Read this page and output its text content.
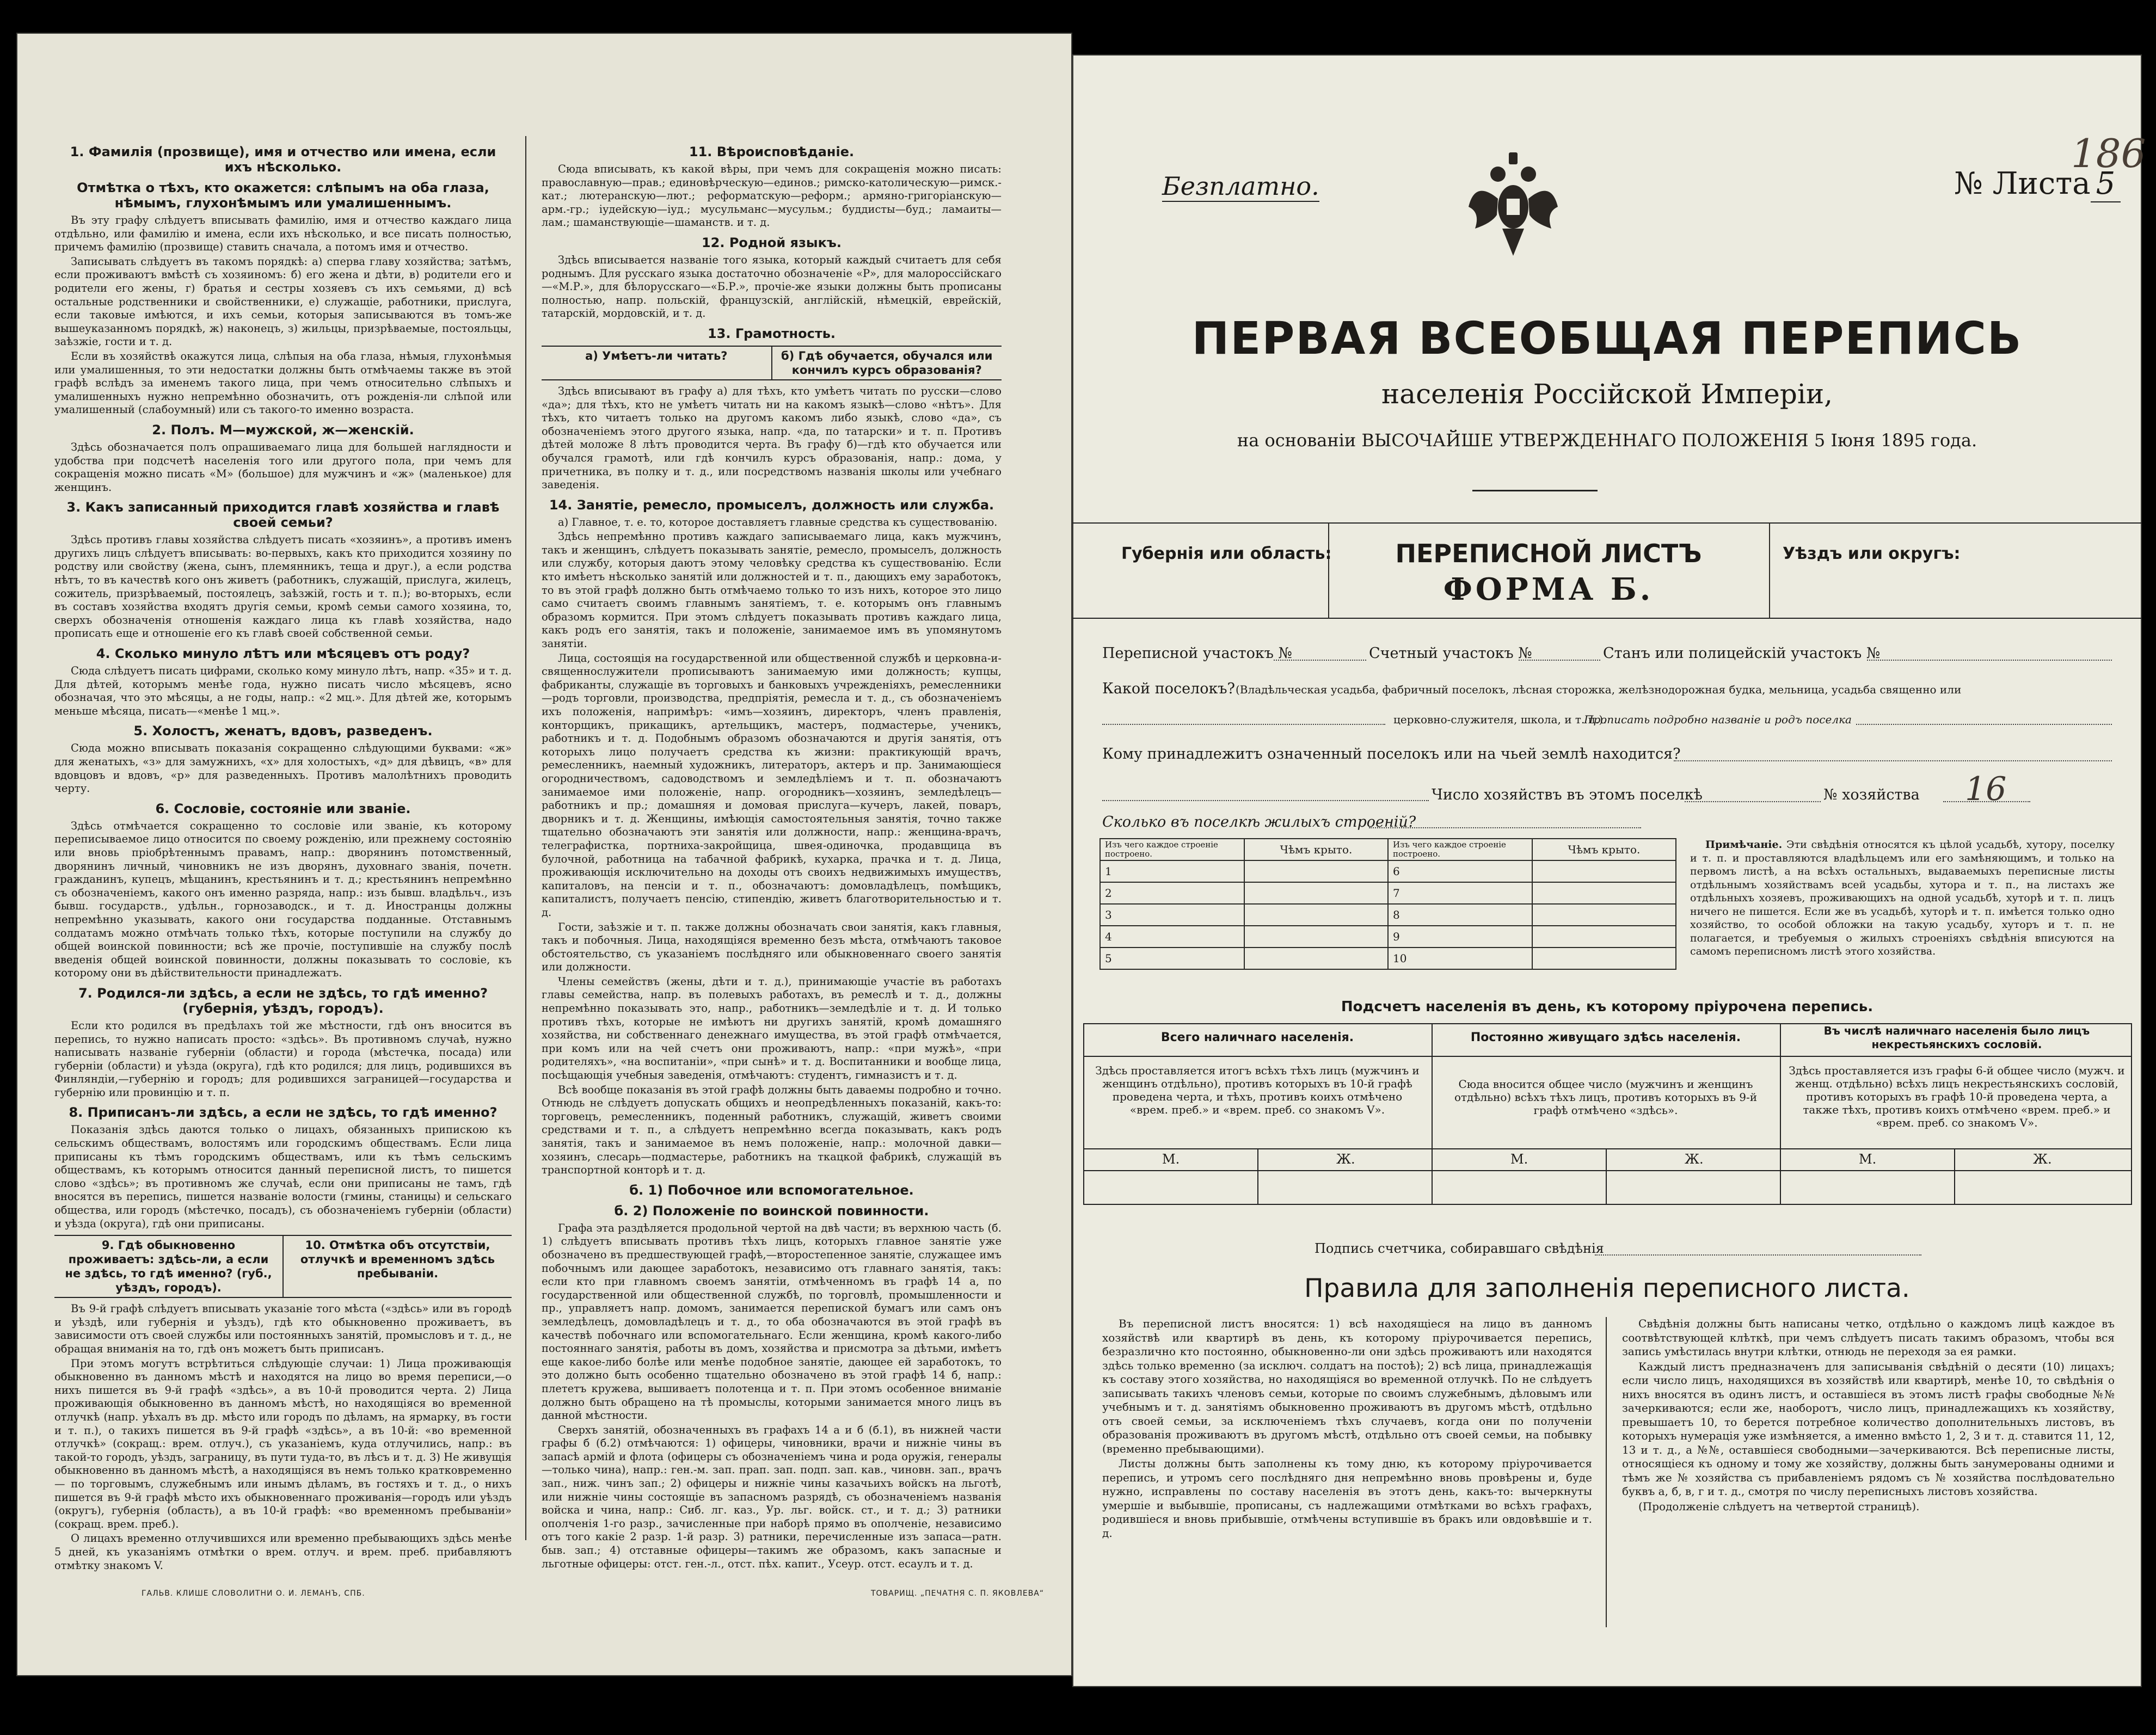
1. Фамилія (прозвище), имя и отчество или имена, если ихъ нѣсколько.
Отмѣтка о тѣхъ, кто окажется: слѣпымъ на оба глаза, нѣмымъ, глухонѣмымъ или умалишеннымъ.

Въ эту графу слѣдуетъ вписывать фамилію, имя и отчество каждаго лица отдѣльно, или фамилію и имена, если ихъ нѣсколько, и все писать полностью, причемъ фамилію (прозвище) ставить сначала, а потомъ имя и отчество.

Записывать слѣдуетъ въ такомъ порядкѣ: а) сперва главу хозяйства; затѣмъ, если проживаютъ вмѣстѣ съ хозяиномъ: б) его жена и дѣти, в) родители его и родители его жены, г) братья и сестры хозяевъ съ ихъ семьями, д) всѣ остальные родственники и свойственники, е) служащіе, работники, прислуга, если таковые имѣются, и ихъ семьи, которыя записываются въ томъ-же вышеуказанномъ порядкѣ, ж) наконецъ, з) жильцы, призрѣваемые, постояльцы, заѣзжіе, гости и т. д.

Если въ хозяйствѣ окажутся лица, слѣпыя на оба глаза, нѣмыя, глухонѣмыя или умалишенныя, то эти недостатки должны быть отмѣчаемы также въ этой графѣ вслѣдъ за именемъ такого лица, при чемъ относительно слѣпыхъ и умалишенныхъ нужно непремѣнно обозначить, отъ рожденія-ли слѣпой или умалишенный (слабоумный) или съ такого-то именно возраста.

2. Полъ. М—мужской, ж—женскій.

Здѣсь обозначается полъ опрашиваемаго лица для большей наглядности и удобства при подсчетѣ населенія того или другого пола, при чемъ для сокращенія можно писать «М» (большое) для мужчинъ и «ж» (маленькое) для женщинъ.

3. Какъ записанный приходится главѣ хозяйства и главѣ своей семьи?

Здѣсь противъ главы хозяйства слѣдуетъ писать «хозяинъ», а противъ именъ другихъ лицъ слѣдуетъ вписывать: во-первыхъ, какъ кто приходится хозяину по родству или свойству (жена, сынъ, племянникъ, теща и друг.), а если родства нѣтъ, то въ качествѣ кого онъ живетъ (работникъ, служащій, прислуга, жилецъ, сожитель, призрѣваемый, постоялецъ, заѣзжій, гость и т. п.); во-вторыхъ, если въ составъ хозяйства входятъ другія семьи, кромѣ семьи самого хозяина, то, сверхъ обозначенія отношенія каждаго лица къ главѣ хозяйства, надо прописать еще и отношеніе его къ главѣ своей собственной семьи.

4. Сколько минуло лѣтъ или мѣсяцевъ отъ роду?

Сюда слѣдуетъ писать цифрами, сколько кому минуло лѣтъ, напр. «35» и т. д. Для дѣтей, которымъ менѣе года, нужно писать число мѣсяцевъ, ясно обозначая, что это мѣсяцы, а не годы, напр.: «2 мц.». Для дѣтей же, которымъ меньше мѣсяца, писать—«менѣе 1 мц.».

5. Холостъ, женатъ, вдовъ, разведенъ.

Сюда можно вписывать показанія сокращенно слѣдующими буквами: «ж» для женатыхъ, «з» для замужнихъ, «х» для холостыхъ, «д» для дѣвицъ, «в» для вдовцовъ и вдовъ, «р» для разведенныхъ. Противъ малолѣтнихъ проводить черту.

6. Сословіе, состояніе или званіе.

Здѣсь отмѣчается сокращенно то сословіе или званіе, къ которому переписываемое лицо относится по своему рожденію, или прежнему состоянію или вновь пріобрѣтеннымъ правамъ, напр.: дворянинъ потомственный, дворянинъ личный, чиновникъ не изъ дворянъ, духовнаго званія, почетн. гражданинъ, купецъ, мѣщанинъ, крестьянинъ и т. д.; крестьянинъ непремѣнно съ обозначеніемъ, какого онъ именно разряда, напр.: изъ бывш. владѣльч., изъ бывш. государств., удѣльн., горнозаводск., и т. д. Иностранцы должны непремѣнно указывать, какого они государства подданные. Отставнымъ солдатамъ можно отмѣчать только тѣхъ, которые поступили на службу до общей воинской повинности; всѣ же прочіе, поступившіе на службу послѣ введенія общей воинской повинности, должны показывать то сословіе, къ которому они въ дѣйствительности принадлежатъ.

7. Родился-ли здѣсь, а если не здѣсь, то гдѣ именно? (губернія, уѣздъ, городъ).

Если кто родился въ предѣлахъ той же мѣстности, гдѣ онъ вносится въ перепись, то нужно написать просто: «здѣсь». Въ противномъ случаѣ, нужно написывать названіе губерніи (области) и города (мѣстечка, посада) или губерніи (области) и уѣзда (округа), гдѣ кто родился; для лицъ, родившихся въ Финляндіи,—губернію и городъ; для родившихся заграницей—государства и губернію или провинцію и т. п.

8. Приписанъ-ли здѣсь, а если не здѣсь, то гдѣ именно?

Показанія здѣсь даются только о лицахъ, обязанныхъ припискою къ сельскимъ обществамъ, волостямъ или городскимъ обществамъ. Если лица приписаны къ тѣмъ городскимъ обществамъ, или къ тѣмъ сельскимъ обществамъ, къ которымъ относится данный переписной листъ, то пишется слово «здѣсь»; въ противномъ же случаѣ, если они приписаны не тамъ, гдѣ вносятся въ перепись, пишется названіе волости (гмины, станицы) и сельскаго общества, или городъ (мѣстечко, посадъ), съ обозначеніемъ губерніи (области) и уѣзда (округа), гдѣ они приписаны.

9. Гдѣ обыкновенно проживаетъ: здѣсь-ли, а если не здѣсь, то гдѣ именно? (губ., уѣздъ, городъ).
10. Отмѣтка объ отсутствіи, отлучкѣ и временномъ здѣсь пребываніи.

Въ 9-й графѣ слѣдуетъ вписывать указаніе того мѣста («здѣсь» или въ городѣ и уѣздѣ, или губернія и уѣздъ), гдѣ кто обыкновенно проживаетъ, въ зависимости отъ своей службы или постоянныхъ занятій, промысловъ и т. д., не обращая вниманія на то, гдѣ онъ можетъ быть приписанъ.

При этомъ могутъ встрѣтиться слѣдующіе случаи: 1) Лица проживающія обыкновенно въ данномъ мѣстѣ и находятся на лицо во время переписи,—о нихъ пишется въ 9-й графѣ «здѣсь», а въ 10-й проводится черта. 2) Лица проживающія обыкновенно въ данномъ мѣстѣ, но находящіяся во временной отлучкѣ (напр. уѣхалъ въ др. мѣсто или городъ по дѣламъ, на ярмарку, въ гости и т. п.), о такихъ пишется въ 9-й графѣ «здѣсь», а въ 10-й: «во временной отлучкѣ» (сокращ.: врем. отлуч.), съ указаніемъ, куда отлучились, напр.: въ такой-то городъ, уѣздъ, заграницу, въ пути туда-то, въ лѣсъ и т. д. 3) Не живущія обыкновенно въ данномъ мѣстѣ, а находящіяся въ немъ только кратковременно— по торговымъ, служебнымъ или инымъ дѣламъ, въ гостяхъ и т. д., о нихъ пишется въ 9-й графѣ мѣсто ихъ обыкновеннаго проживанія—городъ или уѣздъ (округъ), губернія (область), а въ 10-й графѣ: «во временномъ пребываніи» (сокращ. врем. преб.).

О лицахъ временно отлучившихся или временно пребывающихъ здѣсь менѣе 5 дней, къ указаніямъ отмѣтки о врем. отлуч. и врем. преб. прибавляютъ отмѣтку знакомъ V.

11. Вѣроисповѣданіе.

Сюда вписывать, къ какой вѣры, при чемъ для сокращенія можно писать: православную—прав.; единовѣрческую—единов.; римско-католическую—римск.-кат.; лютеранскую—лют.; реформатскую—реформ.; армяно-григоріанскую—арм.-гр.; іудейскую—іуд.; мусульманс—мусульм.; буддисты—буд.; ламаиты—лам.; шаманствующіе—шаманств. и т. д.

12. Родной языкъ.

Здѣсь вписывается названіе того языка, который каждый считаетъ для себя роднымъ. Для русскаго языка достаточно обозначеніе «Р», для малороссійскаго—«М.Р.», для бѣлорусскаго—«Б.Р.», прочіе-же языки должны быть прописаны полностью, напр. польскій, французскій, англійскій, нѣмецкій, еврейскій, татарскій, мордовскій, и т. д.

13. Грамотность.
а) Умѣетъ-ли читать?	б) Гдѣ обучается, обучался или кончилъ курсъ образованія?

Здѣсь вписывают въ графу а) для тѣхъ, кто умѣетъ читать по русски—слово «да»; для тѣхъ, кто не умѣетъ читать ни на какомъ языкѣ—слово «нѣтъ». Для тѣхъ, кто читаетъ только на другомъ какомъ либо языкѣ, слово «да», съ обозначеніемъ этого другого языка, напр. «да, по татарски» и т. п. Противъ дѣтей моложе 8 лѣтъ проводится черта. Въ графу б)—гдѣ кто обучается или обучался грамотѣ, или гдѣ кончилъ курсъ образованія, напр.: дома, у причетника, въ полку и т. д., или посредствомъ названія школы или учебнаго заведенія.

14. Занятіе, ремесло, промыселъ, должность или служба.

а) Главное, т. е. то, которое доставляетъ главные средства къ существованію.

Здѣсь непремѣнно противъ каждаго записываемаго лица, какъ мужчинъ, такъ и женщинъ, слѣдуетъ показывать занятіе, ремесло, промыселъ, должность или службу, которыя даютъ этому человѣку средства къ существованію. Если кто имѣетъ нѣсколько занятій или должностей и т. п., дающихъ ему заработокъ, то въ этой графѣ должно быть отмѣчаемо только то изъ нихъ, которое это лицо само считаетъ своимъ главнымъ занятіемъ, т. е. которымъ онъ главнымъ образомъ кормится. При этомъ слѣдуетъ показывать противъ каждаго лица, какъ родъ его занятія, такъ и положеніе, занимаемое имъ въ упомянутомъ занятіи.

Лица, состоящія на государственной или общественной службѣ и церковна-и-священнослужители прописываютъ занимаемую ими должность; купцы, фабриканты, служащіе въ торговыхъ и банковыхъ учрежденіяхъ, ремесленники—родъ торговли, производства, предпріятія, ремесла и т. д., съ обозначеніемъ ихъ положенія, напримѣръ: «имъ—хозяинъ, директоръ, членъ правленія, конторщикъ, прикащикъ, артельщикъ, мастеръ, подмастерье, ученикъ, работникъ и т. д. Подобнымъ образомъ обозначаются и другія занятія, отъ которыхъ лицо получаетъ средства къ жизни: практикующій врачъ, ремесленникъ, наемный художникъ, литераторъ, актеръ и пр. Занимающіеся огородничествомъ, садоводствомъ и земледѣліемъ и т. п. обозначаютъ занимаемое ими положеніе, напр. огородникъ—хозяинъ, земледѣлецъ—работникъ и пр.; домашняя и домовая прислуга—кучеръ, лакей, поваръ, дворникъ и т. д. Женщины, имѣющія самостоятельныя занятія, точно также тщательно обозначаютъ эти занятія или должности, напр.: женщина-врачъ, телеграфистка, портниха-закройщица, швея-одиночка, продавщица въ булочной, работница на табачной фабрикѣ, кухарка, прачка и т. д. Лица, проживающія исключительно на доходы отъ своихъ недвижимыхъ имуществъ, капиталовъ, на пенсіи и т. п., обозначаютъ: домовладѣлецъ, помѣщикъ, капиталистъ, получаетъ пенсію, стипендію, живетъ благотворительностью и т. д.

Гости, заѣзжіе и т. п. также должны обозначать свои занятія, какъ главныя, такъ и побочныя. Лица, находящіяся временно безъ мѣста, отмѣчаютъ таковое обстоятельство, съ указаніемъ послѣдняго или обыкновеннаго своего занятія или должности.

Члены семействъ (жены, дѣти и т. д.), принимающіе участіе въ работахъ главы семейства, напр. въ полевыхъ работахъ, въ ремеслѣ и т. д., должны непремѣнно показывать это, напр., работникъ—земледѣліе и т. д. И только противъ тѣхъ, которые не имѣютъ ни другихъ занятій, кромѣ домашняго хозяйства, ни собственнаго денежнаго имущества, въ этой графѣ отмѣчается, при комъ или на чей счетъ они проживаютъ, напр.: «при мужѣ», «при родителяхъ», «на воспитаніи», «при сынѣ» и т. д. Воспитанники и вообще лица, посѣщающія учебныя заведенія, отмѣчаютъ: студентъ, гимназистъ и т. д.

Всѣ вообще показанія въ этой графѣ должны быть даваемы подробно и точно. Отнюдь не слѣдуетъ допускать общихъ и неопредѣленныхъ показаній, какъ-то: торговецъ, ремесленникъ, поденный работникъ, служащій, живетъ своими средствами и т. п., а слѣдуетъ непремѣнно всегда показывать, какъ родъ занятія, такъ и занимаемое въ немъ положеніе, напр.: молочной давки—хозяинъ, слесарь—подмастерье, работникъ на ткацкой фабрикѣ, служащій въ транспортной конторѣ и т. д.

б. 1) Побочное или вспомогательное.
б. 2) Положеніе по воинской повинности.

Графа эта раздѣляется продольной чертой на двѣ части; въ верхнюю часть (б. 1) слѣдуетъ вписывать противъ тѣхъ лицъ, которыхъ главное занятіе уже обозначено въ предшествующей графѣ,—второстепенное занятіе, служащее имъ побочнымъ или дающее заработокъ, независимо отъ главнаго занятія, такъ: если кто при главномъ своемъ занятіи, отмѣченномъ въ графѣ 14 а, по государственной или общественной службѣ, по торговлѣ, промышленности и пр., управляетъ напр. домомъ, занимается перепиской бумагъ или самъ онъ земледѣлецъ, домовладѣлецъ и т. д., то оба обозначаются въ этой графѣ въ качествѣ побочнаго или вспомогательнаго. Если женщина, кромѣ какого-либо постояннаго занятія, работы въ домъ, хозяйства и присмотра за дѣтьми, имѣетъ еще какое-либо болѣе или менѣе подобное занятіе, дающее ей заработокъ, то это должно быть особенно тщательно обозначено въ этой графѣ 14 б, напр.: плететъ кружева, вышиваетъ полотенца и т. п. При этомъ особенное вниманіе должно быть обращено на тѣ промыслы, которыми занимается много лицъ въ данной мѣстности.

Сверхъ занятій, обозначенныхъ въ графахъ 14 а и б (б.1), въ нижней части графы б (б.2) отмѣчаются: 1) офицеры, чиновники, врачи и нижніе чины въ запасѣ армій и флота (офицеры съ обозначеніемъ чина и рода оружія, генералы—только чина), напр.: ген.-м. зап. прап. зап. подп. зап. кав., чиновн. зап., врачъ зап., ниж. чинъ зап.; 2) офицеры и нижніе чины казачьихъ войскъ на льготѣ, или нижніе чины состоящіе въ запасномъ разрядѣ, съ обозначеніемъ названія войска и чина, напр.: Сиб. лг. каз., Ур. льг. войск. ст., и т. д.; 3) ратники ополченія 1-го разр., зачисленные при наборѣ прямо въ ополченіе, независимо отъ того какіе 2 разр. 1-й разр. 3) ратники, перечисленные изъ запаса—ратн. быв. зап.; 4) отставные офицеры—такимъ же образомъ, какъ запасные и льготные офицеры: отст. ген.-л., отст. пѣх. капит., Усеур. отст. есаулъ и т. д.

ГАЛЬВ. КЛИШЕ СЛОВОЛИТНИ О. И. ЛЕМАНЪ, СПБ.	ТОВАРИЩ. „ПЕЧАТНЯ С. П. ЯКОВЛЕВА“
Безплатно.	№ Листа 5
186
ПЕРВАЯ ВСЕОБЩАЯ ПЕРЕПИСЬ
населенія Россійской Имперіи,
на основаніи ВЫСОЧАЙШЕ УТВЕРЖДЕННАГО ПОЛОЖЕНІЯ 5 Іюня 1895 года.
Губернія или область:	ПЕРЕПИСНОЙ ЛИСТЪ
ФОРМА Б.
Уѣздъ или округъ:
Переписной участокъ №	Счетный участокъ №	Станъ или полицейскій участокъ №
Какой поселокъ? (Владѣльческая усадьба, фабричный поселокъ, лѣсная сторожка, желѣзнодорожная будка, мельница, усадьба священно или
церковно-служителя, школа, и т. п.).
Прописать подробно названіе и родъ поселка
Кому принадлежитъ означенный поселокъ или на чьей землѣ находится?
Число хозяйствъ въ этомъ поселкѣ	№ хозяйства 16
Сколько въ поселкѣ жилыхъ строеній?
Изъ чего каждое строеніе построено.	Чѣмъ крыто.	Изъ чего каждое строеніе построено.	Чѣмъ крыто.
1		6	
2		7	
3		8	
4		9	
5		10	

Примѣчаніе. Эти свѣдѣнія относятся къ цѣлой усадьбѣ, хутору, поселку и т. п. и проставляются владѣльцемъ или его замѣняющимъ, и только на первомъ листѣ, а на всѣхъ остальныхъ, выдаваемыхъ переписные листы отдѣльнымъ хозяйствамъ всей усадьбы, хутора и т. п., на листахъ же отдѣльныхъ хозяевъ, проживающихъ на одной усадьбѣ, хуторѣ и т. п. лицъ ничего не пишется. Если же въ усадьбѣ, хуторѣ и т. п. имѣется только одно хозяйство, то особой обложки на такую усадьбу, хуторъ и т. п. не полагается, и требуемыя о жилыхъ строеніяхъ свѣдѣнія вписуются на самомъ переписномъ листѣ этого хозяйства.

Подсчетъ населенія въ день, къ которому пріурочена перепись.
Всего наличнаго населенія.	Постоянно живущаго здѣсь населенія.	Въ числѣ наличнаго населенія было лицъ некрестьянскихъ сословій.
Здѣсь проставляется итогъ всѣхъ тѣхъ лицъ (мужчинъ и женщинъ отдѣльно), противъ которыхъ въ 10-й графѣ проведена черта, и тѣхъ, противъ коихъ отмѣчено «врем. преб.» и «врем. преб. со знакомъ V».
Сюда вносится общее число (мужчинъ и женщинъ отдѣльно) всѣхъ тѣхъ лицъ, противъ которыхъ въ 9-й графѣ отмѣчено «здѣсь».
Здѣсь проставляется изъ графы 6-й общее число (мужч. и женщ. отдѣльно) всѣхъ лицъ некрестьянскихъ сословій, противъ которыхъ въ графѣ 10-й проведена черта, а также тѣхъ, противъ коихъ отмѣчено «врем. преб.» и «врем. преб. со знакомъ V».
М.	Ж.	М.	Ж.	М.	Ж.
Подпись счетчика, собиравшаго свѣдѣнія
Правила для заполненія переписного листа.

Въ переписной листъ вносятся: 1) всѣ находящіеся на лицо въ данномъ хозяйствѣ или квартирѣ въ день, къ которому пріурочивается перепись, безразлично кто постоянно, обыкновенно-ли они здѣсь проживаютъ или находятся здѣсь только временно (за исключ. солдатъ на постоѣ); 2) всѣ лица, принадлежащія къ составу этого хозяйства, но находящіяся во временной отлучкѣ. По не слѣдуетъ записывать такихъ членовъ семьи, которые по своимъ служебнымъ, дѣловымъ или учебнымъ и т. д. занятіямъ обыкновенно проживаютъ въ другомъ мѣстѣ, отдѣльно отъ своей семьи, за исключеніемъ тѣхъ случаевъ, когда они по полученіи образованія проживаютъ въ другомъ мѣстѣ, отдѣльно отъ своей семьи, на побывку (временно пребывающими).

Листы должны быть заполнены къ тому дню, къ которому пріурочивается перепись, и утромъ сего послѣдняго дня непремѣнно вновь провѣрены и, буде нужно, исправлены по составу населенія въ этотъ день, какъ-то: вычеркнуты умершіе и выбывшіе, прописаны, съ надлежащими отмѣтками во всѣхъ графахъ, родившіеся и вновь прибывшіе, отмѣчены вступившіе въ бракъ или овдовѣвшіе и т. д.

Свѣдѣнія должны быть написаны четко, отдѣльно о каждомъ лицѣ каждое въ соотвѣтствующей клѣткѣ, при чемъ слѣдуетъ писать такимъ образомъ, чтобы вся запись умѣстилась внутри клѣтки, отнюдь не переходя за ея рамки.

Каждый листъ предназначенъ для записыванія свѣдѣній о десяти (10) лицахъ; если число лицъ, находящихся въ хозяйствѣ или квартирѣ, менѣе 10, то свѣдѣнія о нихъ вносятся въ одинъ листъ, и оставшіеся въ этомъ листѣ графы свободные №№ зачеркиваются; если же, наоборотъ, число лицъ, принадлежащихъ къ хозяйству, превышаетъ 10, то берется потребное количество дополнительныхъ листовъ, въ которыхъ нумерація уже измѣняется, а именно вмѣсто 1, 2, 3 и т. д. ставится 11, 12, 13 и т. д., а №№, оставшіеся свободными—зачеркиваются. Всѣ переписные листы, относящіеся къ одному и тому же хозяйству, должны быть занумерованы одними и тѣмъ же № хозяйства съ прибавленіемъ рядомъ съ № хозяйства послѣдовательно буквъ а, б, в, г и т. д., смотря по числу переписныхъ листовъ хозяйства.

(Продолженіе слѣдуетъ на четвертой страницѣ).
